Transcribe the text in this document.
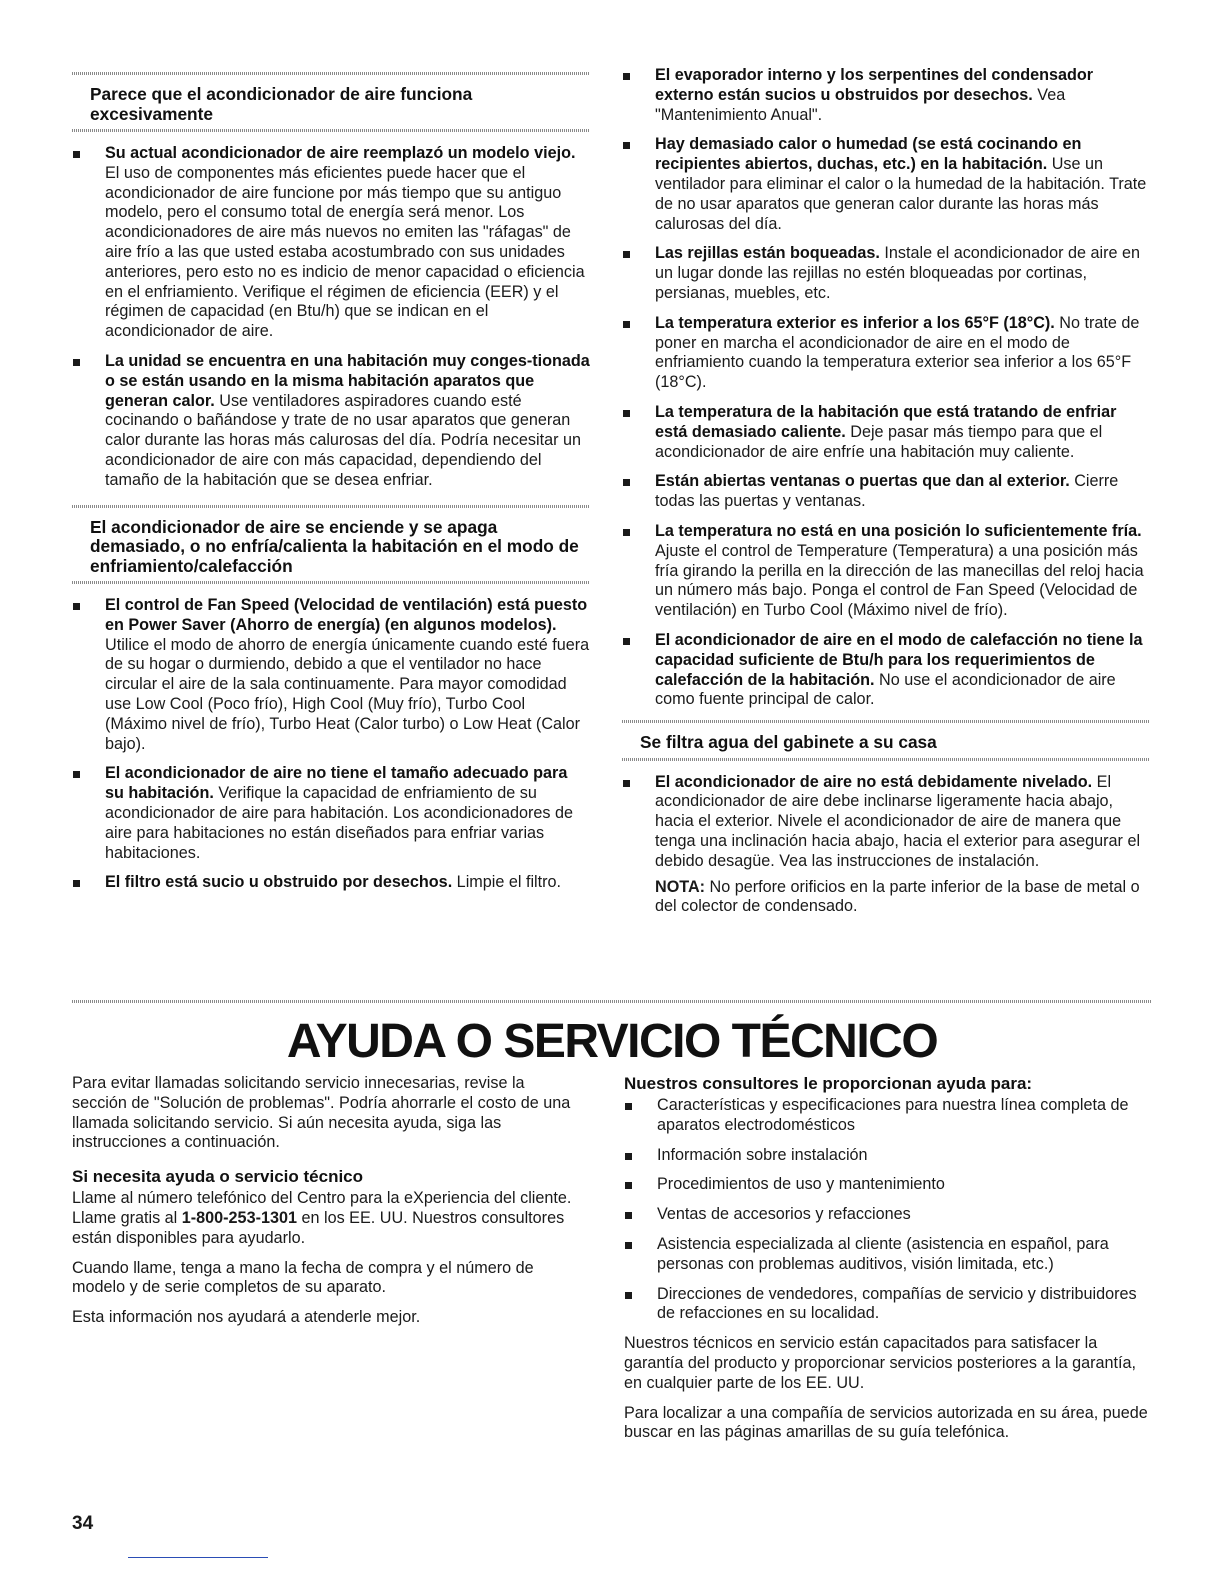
Parece que el acondicionador de aire funciona excesivamente
Su actual acondicionador de aire reemplazó un modelo viejo. El uso de componentes más eficientes puede hacer que el acondicionador de aire funcione por más tiempo que su antiguo modelo, pero el consumo total de energía será menor. Los acondicionadores de aire más nuevos no emiten las "ráfagas" de aire frío a las que usted estaba acostumbrado con sus unidades anteriores, pero esto no es indicio de menor capacidad o eficiencia en el enfriamiento. Verifique el régimen de eficiencia (EER) y el régimen de capacidad (en Btu/h) que se indican en el acondicionador de aire.
La unidad se encuentra en una habitación muy conges-tionada o se están usando en la misma habitación aparatos que generan calor. Use ventiladores aspiradores cuando esté cocinando o bañándose y trate de no usar aparatos que generan calor durante las horas más calurosas del día. Podría necesitar un acondicionador de aire con más capacidad, dependiendo del tamaño de la habitación que se desea enfriar.
El acondicionador de aire se enciende y se apaga demasiado, o no enfría/calienta la habitación en el modo de enfriamiento/calefacción
El control de Fan Speed (Velocidad de ventilación) está puesto en Power Saver (Ahorro de energía) (en algunos modelos). Utilice el modo de ahorro de energía únicamente cuando esté fuera de su hogar o durmiendo, debido a que el ventilador no hace circular el aire de la sala continuamente. Para mayor comodidad use Low Cool (Poco frío), High Cool (Muy frío), Turbo Cool (Máximo nivel de frío), Turbo Heat (Calor turbo) o Low Heat (Calor bajo).
El acondicionador de aire no tiene el tamaño adecuado para su habitación. Verifique la capacidad de enfriamiento de su acondicionador de aire para habitación. Los acondicionadores de aire para habitaciones no están diseñados para enfriar varias habitaciones.
El filtro está sucio u obstruido por desechos. Limpie el filtro.
El evaporador interno y los serpentines del condensador externo están sucios u obstruidos por desechos. Vea "Mantenimiento Anual".
Hay demasiado calor o humedad (se está cocinando en recipientes abiertos, duchas, etc.) en la habitación. Use un ventilador para eliminar el calor o la humedad de la habitación. Trate de no usar aparatos que generan calor durante las horas más calurosas del día.
Las rejillas están boqueadas. Instale el acondicionador de aire en un lugar donde las rejillas no estén bloqueadas por cortinas, persianas, muebles, etc.
La temperatura exterior es inferior a los 65°F (18°C). No trate de poner en marcha el acondicionador de aire en el modo de enfriamiento cuando la temperatura exterior sea inferior a los 65°F (18°C).
La temperatura de la habitación que está tratando de enfriar está demasiado caliente. Deje pasar más tiempo para que el acondicionador de aire enfríe una habitación muy caliente.
Están abiertas ventanas o puertas que dan al exterior. Cierre todas las puertas y ventanas.
La temperatura no está en una posición lo suficientemente fría. Ajuste el control de Temperature (Temperatura) a una posición más fría girando la perilla en la dirección de las manecillas del reloj hacia un número más bajo. Ponga el control de Fan Speed (Velocidad de ventilación) en Turbo Cool (Máximo nivel de frío).
El acondicionador de aire en el modo de calefacción no tiene la capacidad suficiente de Btu/h para los requerimientos de calefacción de la habitación. No use el acondicionador de aire como fuente principal de calor.
Se filtra agua del gabinete a su casa
El acondicionador de aire no está debidamente nivelado. El acondicionador de aire debe inclinarse ligeramente hacia abajo, hacia el exterior. Nivele el acondicionador de aire de manera que tenga una inclinación hacia abajo, hacia el exterior para asegurar el debido desagüe. Vea las instrucciones de instalación.

NOTA: No perfore orificios en la parte inferior de la base de metal o del colector de condensado.

AYUDA O SERVICIO TÉCNICO

Para evitar llamadas solicitando servicio innecesarias, revise la sección de "Solución de problemas". Podría ahorrarle el costo de una llamada solicitando servicio. Si aún necesita ayuda, siga las instrucciones a continuación.

Si necesita ayuda o servicio técnico

Llame al número telefónico del Centro para la eXperiencia del cliente. Llame gratis al 1-800-253-1301 en los EE. UU. Nuestros consultores están disponibles para ayudarlo.

Cuando llame, tenga a mano la fecha de compra y el número de modelo y de serie completos de su aparato.

Esta información nos ayudará a atenderle mejor.

Nuestros consultores le proporcionan ayuda para:
Características y especificaciones para nuestra línea completa de aparatos electrodomésticos
Información sobre instalación
Procedimientos de uso y mantenimiento
Ventas de accesorios y refacciones
Asistencia especializada al cliente (asistencia en español, para personas con problemas auditivos, visión limitada, etc.)
Direcciones de vendedores, compañías de servicio y distribuidores de refacciones en su localidad.

Nuestros técnicos en servicio están capacitados para satisfacer la garantía del producto y proporcionar servicios posteriores a la garantía, en cualquier parte de los EE. UU.

Para localizar a una compañía de servicios autorizada en su área, puede buscar en las páginas amarillas de su guía telefónica.

34
